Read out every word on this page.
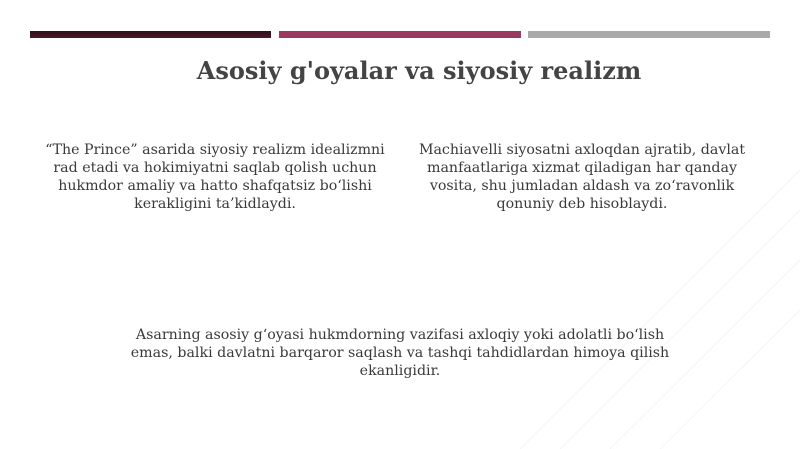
Asosiy g'oyalar va siyosiy realizm

“The Prince” asarida siyosiy realizm idealizmni rad etadi va hokimiyatni saqlab qolish uchun hukmdor amaliy va hatto shafqatsiz bo‘lishi kerakligini ta’kidlaydi.

Machiavelli siyosatni axloqdan ajratib, davlat manfaatlariga xizmat qiladigan har qanday vosita, shu jumladan aldash va zo‘ravonlik qonuniy deb hisoblaydi.

Asarning asosiy g‘oyasi hukmdorning vazifasi axloqiy yoki adolatli bo‘lish emas, balki davlatni barqaror saqlash va tashqi tahdidlardan himoya qilish ekanligidir.
